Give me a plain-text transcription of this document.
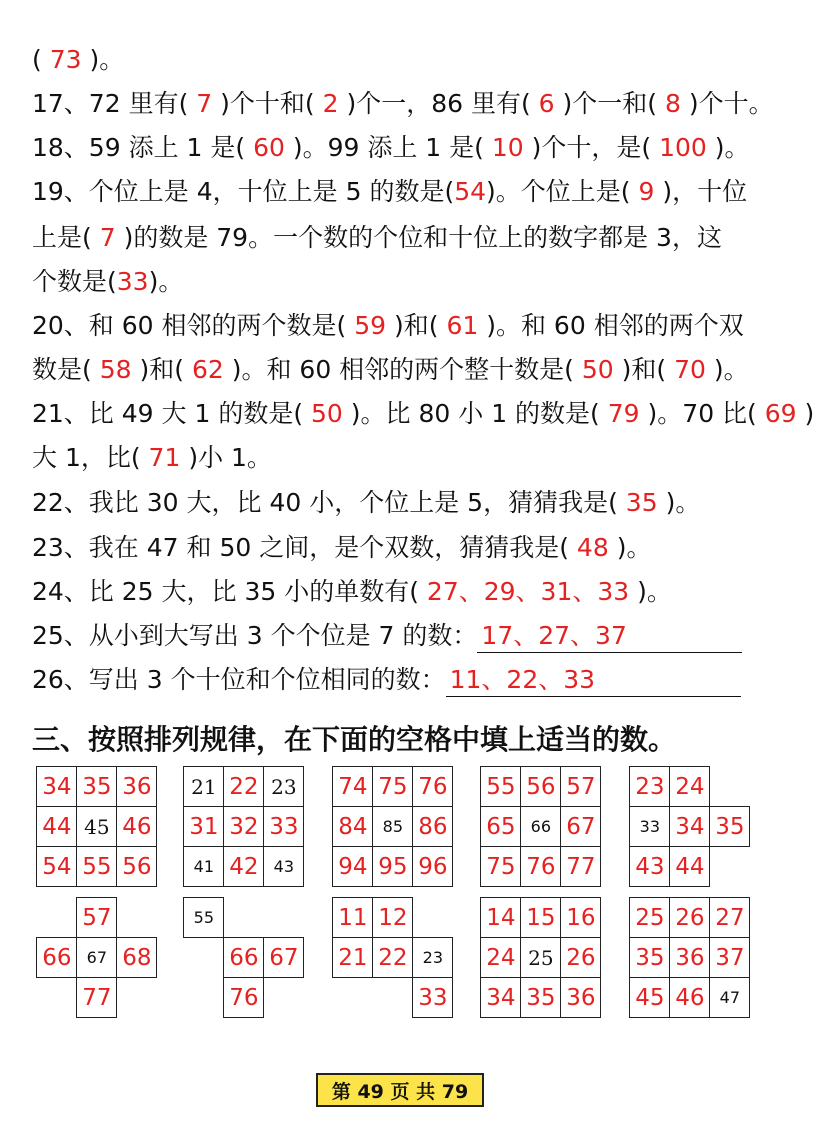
( 73 )。
17、72 里有( 7 )个十和( 2 )个一，86 里有( 6 )个一和( 8 )个十。
18、59 添上 1 是( 60 )。99 添上 1 是( 10 )个十，是( 100 )。
19、个位上是 4，十位上是 5 的数是(54)。个位上是( 9 )，十位
上是( 7 )的数是 79。一个数的个位和十位上的数字都是 3，这
个数是(33)。
20、和 60 相邻的两个数是( 59 )和( 61 )。和 60 相邻的两个双
数是( 58 )和( 62 )。和 60 相邻的两个整十数是( 50 )和( 70 )。
21、比 49 大 1 的数是( 50 )。比 80 小 1 的数是( 79 )。70 比( 69 )
大 1，比( 71 )小 1。
22、我比 30 大，比 40 小，个位上是 5，猜猜我是( 35 )。
23、我在 47 和 50 之间，是个双数，猜猜我是( 48 )。
24、比 25 大，比 35 小的单数有( 27、29、31、33 )。
25、从小到大写出 3 个个位是 7 的数： 17、27、37
26、写出 3 个十位和个位相同的数： 11、22、33
三、按照排列规律，在下面的空格中填上适当的数。
34 35 36
44 45 46
54 55 56
21 22 23
31 32 33
41 42 43
74 75 76
84 85 86
94 95 96
55 56 57
65 66 67
75 76 77
23 24
33 34 35
43 44
57
66 67 68
77
55
66 67
76
11 12
21 22 23
33
14 15 16
24 25 26
34 35 36
25 26 27
35 36 37
45 46 47
第 49 页 共 79
